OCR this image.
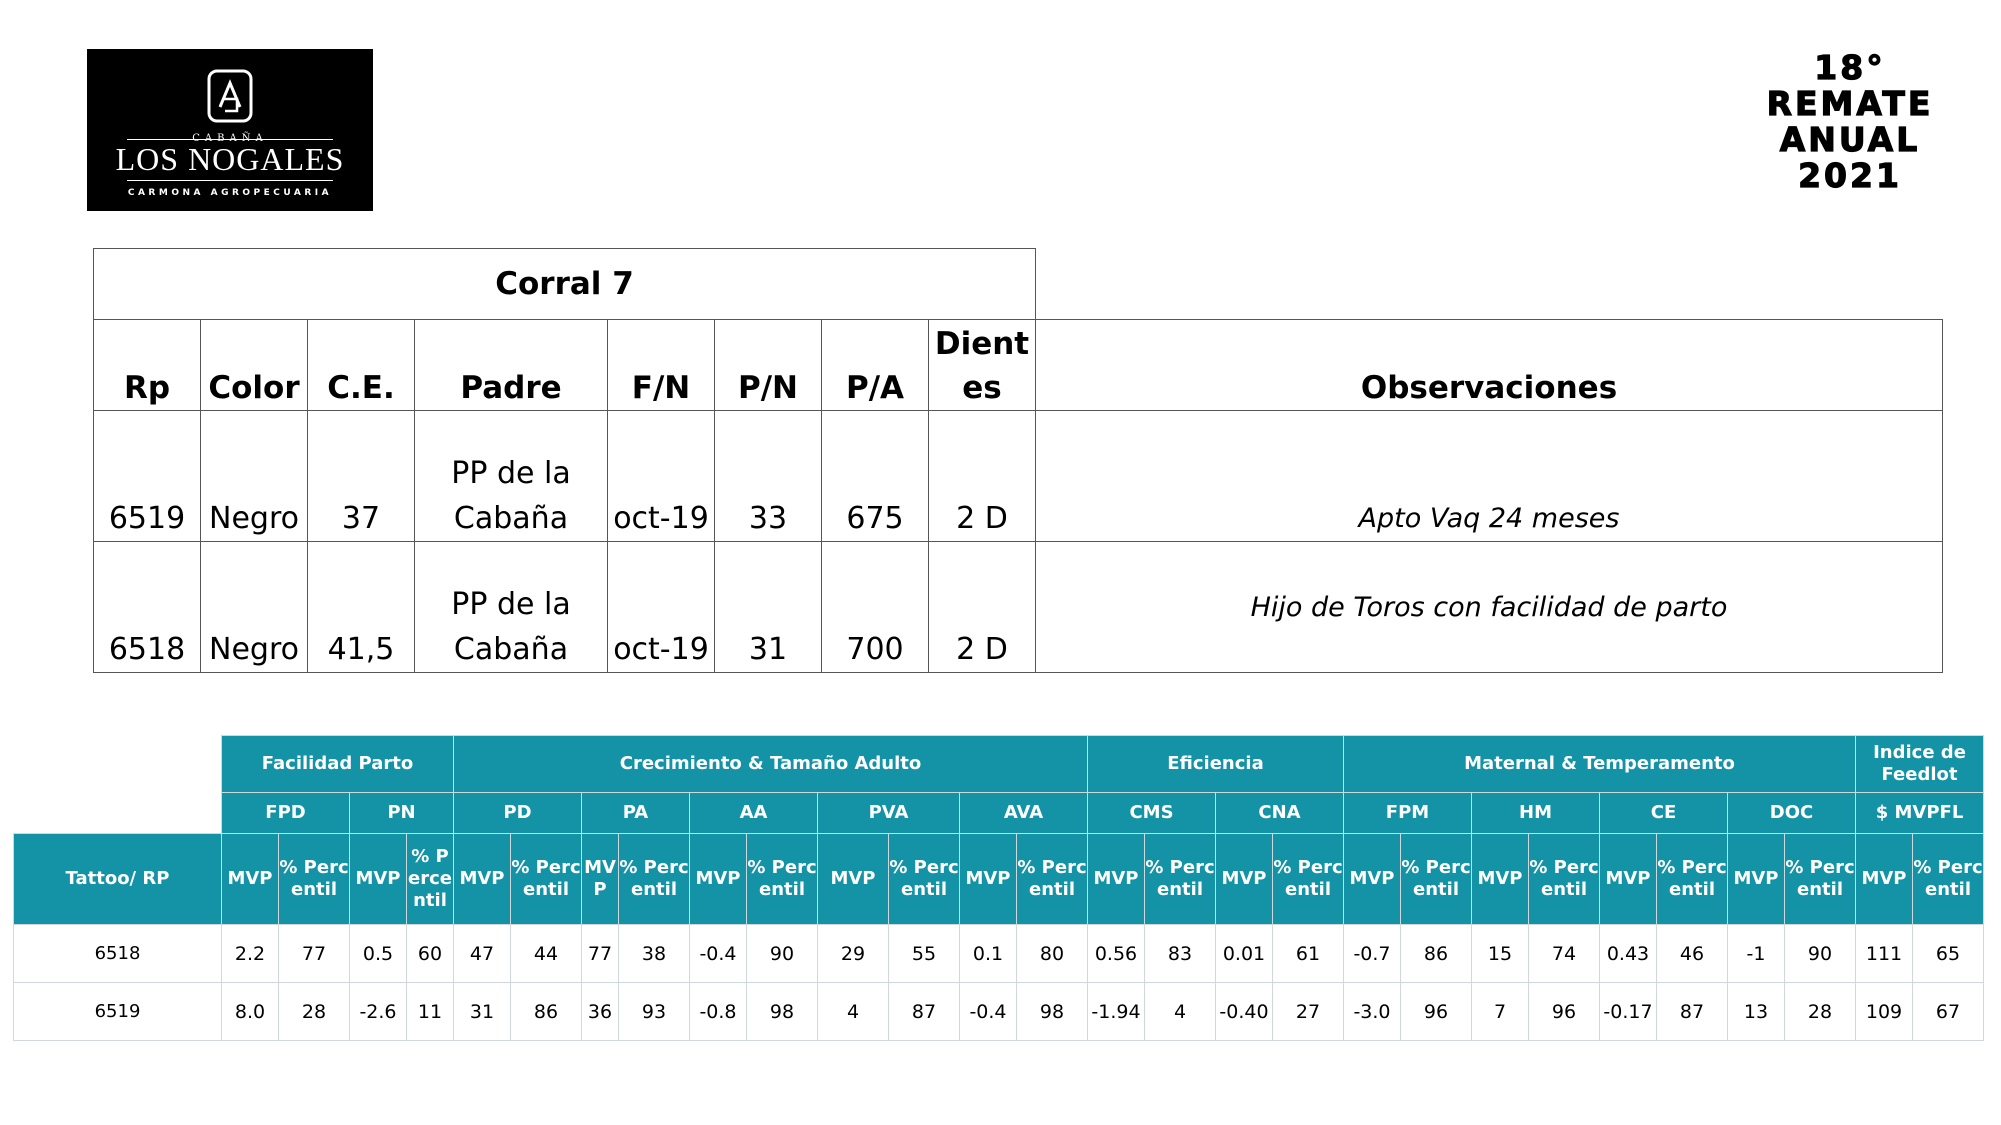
CABAÑA
LOS NOGALES
CARMONA AGROPECUARIA
18°
REMATE
ANUAL
2021
Corral 7								
Rp	Color	C.E.	Padre	F/N	P/N	P/A	Dientes	Observaciones
6519	Negro	37	PP de la Cabaña	oct-19	33	675	2 D	Apto Vaq 24 meses
6518	Negro	41,5	PP de la Cabaña	oct-19	31	700	2 D	Hijo de Toros con facilidad de parto
	Facilidad Parto				Crecimiento & Tamaño Adulto										Eficiencia				Maternal & Temperamento								Indice de Feedlot	
	FPD		PN		PD		PA		AA		PVA		AVA		CMS		CNA		FPM		HM		CE		DOC		$ MVPFL	
Tattoo/ RP	MVP	% Percentil	MVP	% Percentil	MVP	% Percentil	MVP	% Percentil	MVP	% Percentil	MVP	% Percentil	MVP	% Percentil	MVP	% Percentil	MVP	% Percentil	MVP	% Percentil	MVP	% Percentil	MVP	% Percentil	MVP	% Percentil	MVP	% Percentil
6518	2.2	77	0.5	60	47	44	77	38	-0.4	90	29	55	0.1	80	0.56	83	0.01	61	-0.7	86	15	74	0.43	46	-1	90	111	65
6519	8.0	28	-2.6	11	31	86	36	93	-0.8	98	4	87	-0.4	98	-1.94	4	-0.40	27	-3.0	96	7	96	-0.17	87	13	28	109	67
